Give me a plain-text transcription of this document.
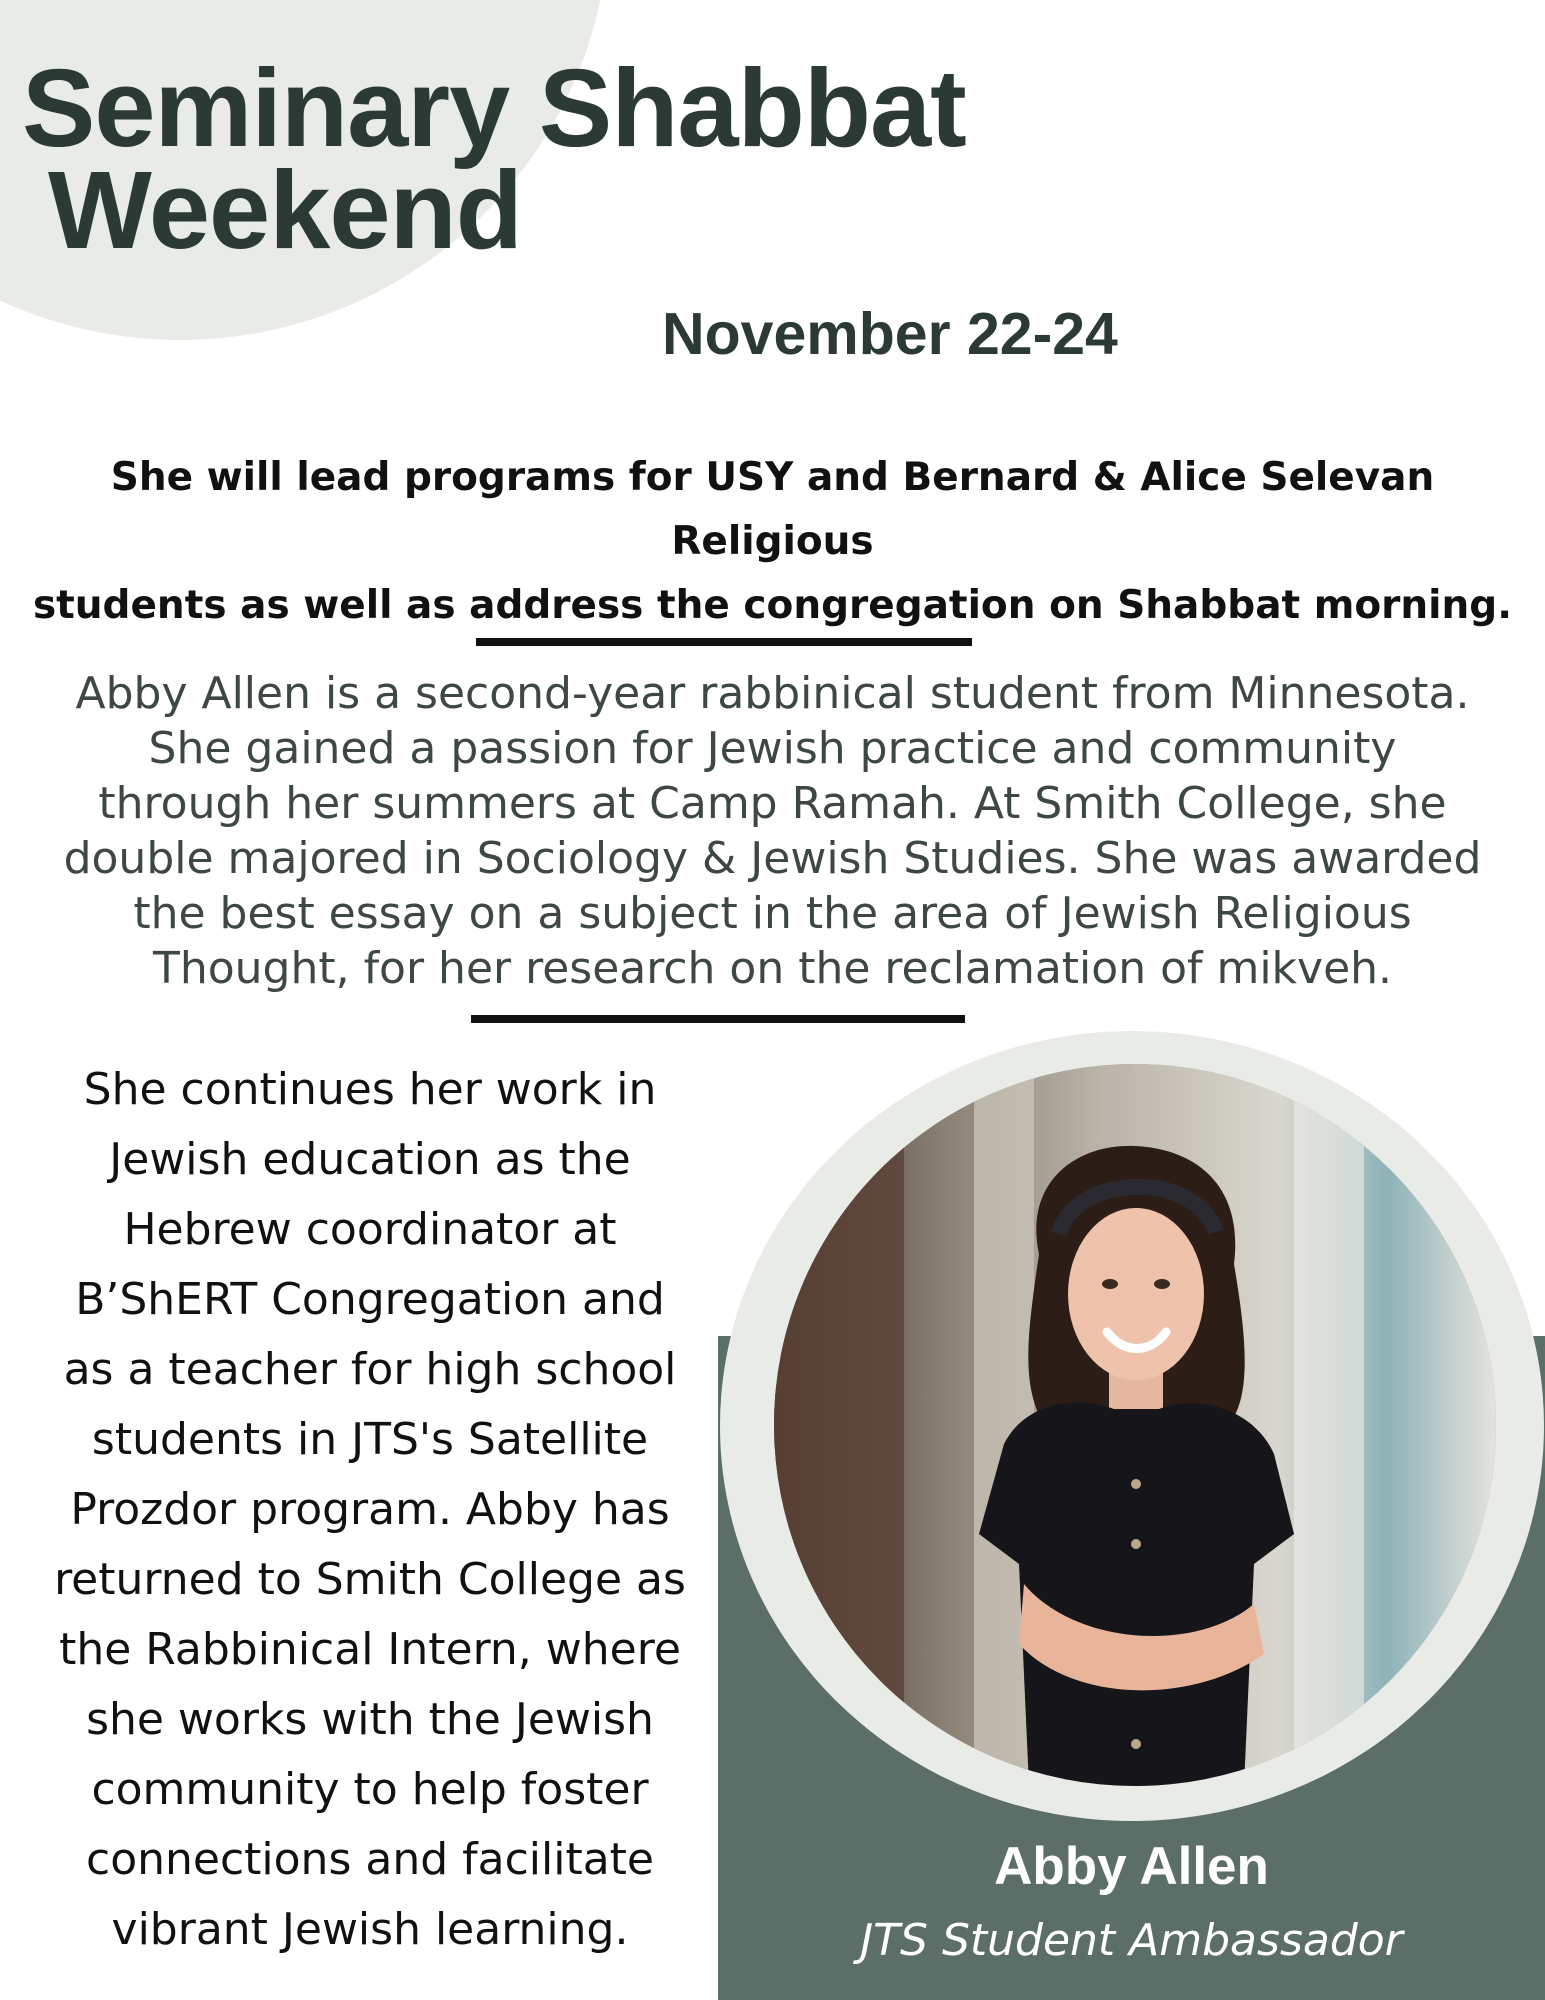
Seminary Shabbat
Weekend
November 22-24
She will lead programs for USY and Bernard & Alice Selevan Religious
students as well as address the congregation on Shabbat morning.
Abby Allen is a second-year rabbinical student from Minnesota.
She gained a passion for Jewish practice and community
through her summers at Camp Ramah. At Smith College, she
double majored in Sociology & Jewish Studies. She was awarded
the best essay on a subject in the area of Jewish Religious
Thought, for her research on the reclamation of mikveh.
She continues her work in
Jewish education as the
Hebrew coordinator at
B’ShERT Congregation and
as a teacher for high school
students in JTS's Satellite
Prozdor program. Abby has
returned to Smith College as
the Rabbinical Intern, where
she works with the Jewish
community to help foster
connections and facilitate
vibrant Jewish learning.
Abby Allen
JTS Student Ambassador
